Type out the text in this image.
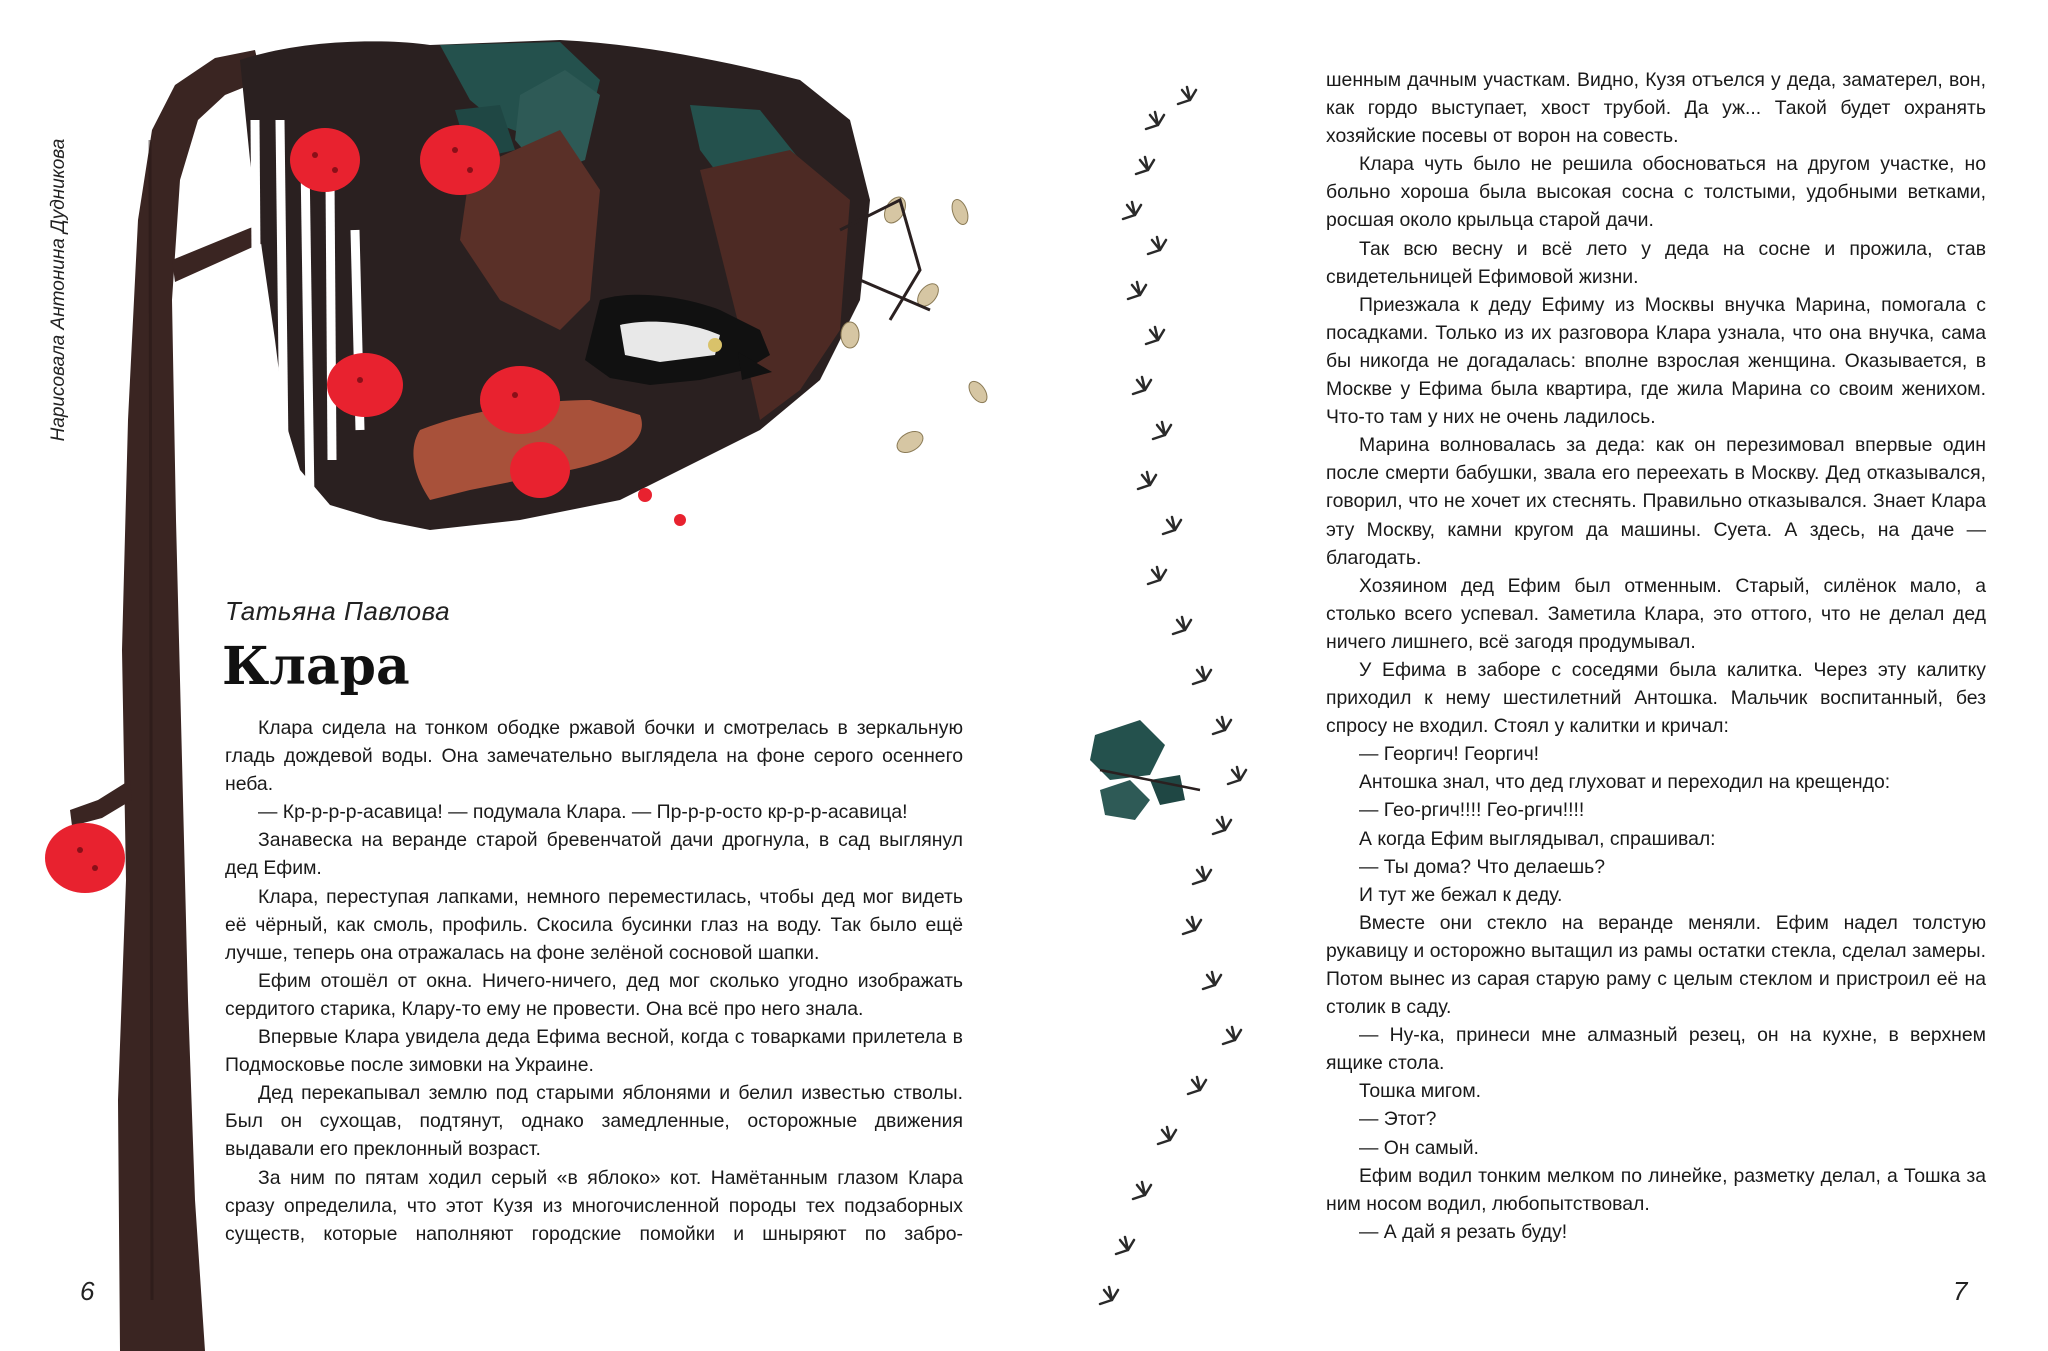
Нарисовала Антонина Дудникова
Татьяна Павлова
Клара

Клара сидела на тонком ободке ржавой бочки и смотрелась в зеркальную гладь дождевой воды. Она замечательно выглядела на фоне серого осеннего неба.

— Кр-р-р-р-асавица! — подумала Клара. — Пр-р-р-осто кр-р-р-асавица!

Занавеска на веранде старой бревенчатой дачи дрогнула, в сад выглянул дед Ефим.

Клара, переступая лапками, немного переместилась, чтобы дед мог видеть её чёрный, как смоль, профиль. Скосила бусинки глаз на воду. Так было ещё лучше, теперь она отражалась на фоне зелёной сосновой шапки.

Ефим отошёл от окна. Ничего-ничего, дед мог сколько угодно изображать сердитого старика, Клару-то ему не провести. Она всё про него знала.

Впервые Клара увидела деда Ефима весной, когда с товарками прилетела в Подмосковье после зимовки на Украине.

Дед перекапывал землю под старыми яблонями и белил известью стволы. Был он сухощав, подтянут, однако замедленные, осторожные движения выдавали его преклонный возраст.

За ним по пятам ходил серый «в яблоко» кот. Намётанным глазом Клара сразу определила, что этот Кузя из многочисленной породы тех подзаборных существ, которые наполняют городские помойки и шныряют по забро-

шенным дачным участкам. Видно, Кузя отъелся у деда, заматерел, вон, как гордо выступает, хвост трубой. Да уж... Такой будет охранять хозяйские посевы от ворон на совесть.

Клара чуть было не решила обосноваться на другом участке, но больно хороша была высокая сосна с толстыми, удобными ветками, росшая около крыльца старой дачи.

Так всю весну и всё лето у деда на сосне и прожила, став свидетельницей Ефимовой жизни.

Приезжала к деду Ефиму из Москвы внучка Марина, помогала с посадками. Только из их разговора Клара узнала, что она внучка, сама бы никогда не догадалась: вполне взрослая женщина. Оказывается, в Москве у Ефима была квартира, где жила Марина со своим женихом. Что-то там у них не очень ладилось.

Марина волновалась за деда: как он перезимовал впервые один после смерти бабушки, звала его переехать в Москву. Дед отказывался, говорил, что не хочет их стеснять. Правильно отказывался. Знает Клара эту Москву, камни кругом да машины. Суета. А здесь, на даче — благодать.

Хозяином дед Ефим был отменным. Старый, силёнок мало, а столько всего успевал. Заметила Клара, это оттого, что не делал дед ничего лишнего, всё загодя продумывал.

У Ефима в заборе с соседями была калитка. Через эту калитку приходил к нему шестилетний Антошка. Мальчик воспитанный, без спросу не входил. Стоял у калитки и кричал:

— Георгич! Георгич!

Антошка знал, что дед глуховат и переходил на крещендо:

— Гео-ргич!!!! Гео-ргич!!!!

А когда Ефим выглядывал, спрашивал:

— Ты дома? Что делаешь?

И тут же бежал к деду.

Вместе они стекло на веранде меняли. Ефим надел толстую рукавицу и осторожно вытащил из рамы остатки стекла, сделал замеры. Потом вынес из сарая старую раму с целым стеклом и пристроил её на столик в саду.

— Ну-ка, принеси мне алмазный резец, он на кухне, в верхнем ящике стола.

Тошка мигом.

— Этот?

— Он самый.

Ефим водил тонким мелком по линейке, разметку делал, а Тошка за ним носом водил, любопытствовал.

— А дай я резать буду!

6	7
